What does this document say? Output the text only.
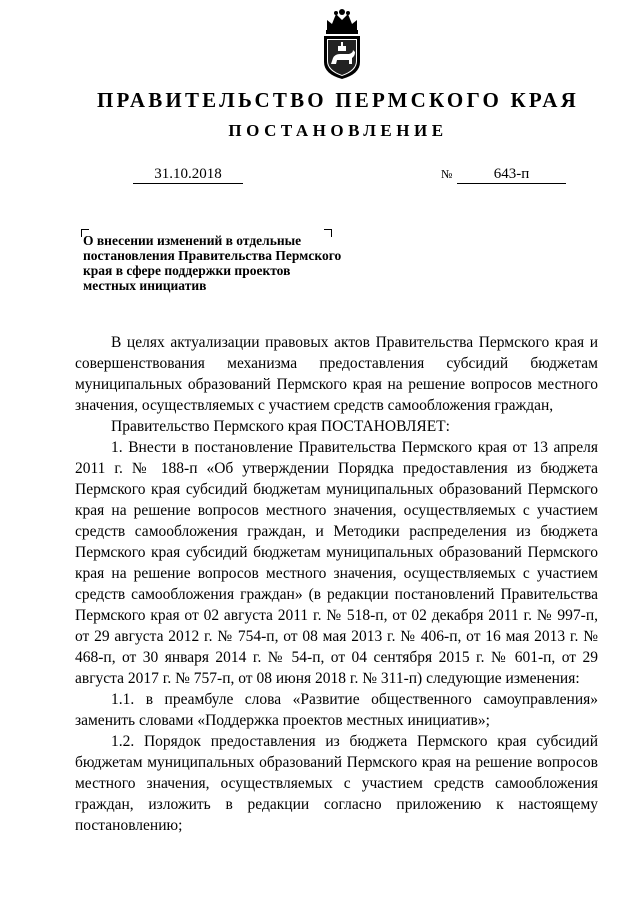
ПРАВИТЕЛЬСТВО ПЕРМСКОГО КРАЯ
ПОСТАНОВЛЕНИЕ
31.10.2018	№	643-п
О внесении изменений в отдельные постановления Правительства Пермского края в сфере поддержки проектов местных инициатив

В целях актуализации правовых актов Правительства Пермского края и совершенствования механизма предоставления субсидий бюджетам муниципальных образований Пермского края на решение вопросов местного значения, осуществляемых с участием средств самообложения граждан,

Правительство Пермского края ПОСТАНОВЛЯЕТ:

1. Внести в постановление Правительства Пермского края от 13 апреля 2011 г. № 188-п «Об утверждении Порядка предоставления из бюджета Пермского края субсидий бюджетам муниципальных образований Пермского края на решение вопросов местного значения, осуществляемых с участием средств самообложения граждан, и Методики распределения из бюджета Пермского края субсидий бюджетам муниципальных образований Пермского края на решение вопросов местного значения, осуществляемых с участием средств самообложения граждан» (в редакции постановлений Правительства Пермского края от 02 августа 2011 г. № 518-п, от 02 декабря 2011 г. № 997-п, от 29 августа 2012 г. № 754-п, от 08 мая 2013 г. № 406-п, от 16 мая 2013 г. № 468-п, от 30 января 2014 г. № 54-п, от 04 сентября 2015 г. № 601-п, от 29 августа 2017 г. № 757-п, от 08 июня 2018 г. № 311-п) следующие изменения:

1.1. в преамбуле слова «Развитие общественного самоуправления» заменить словами «Поддержка проектов местных инициатив»;

1.2. Порядок предоставления из бюджета Пермского края субсидий бюджетам муниципальных образований Пермского края на решение вопросов местного значения, осуществляемых с участием средств самообложения граждан, изложить в редакции согласно приложению к настоящему постановлению;
